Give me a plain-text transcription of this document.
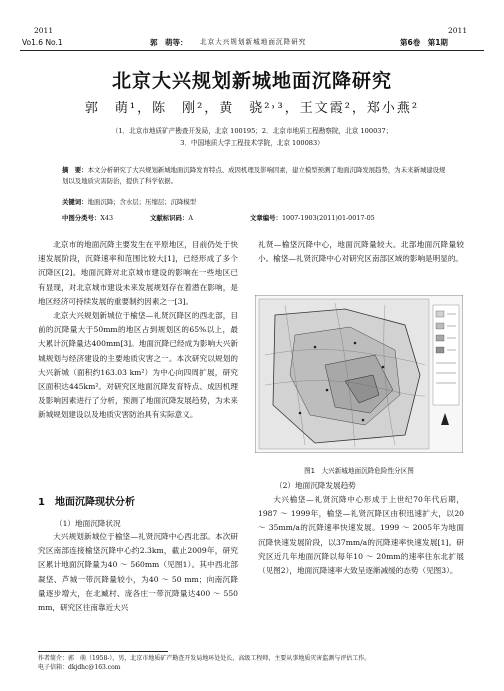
2011
Vo1.6 No.1	郭　萌等： 北京大兴规划新城地面沉降研究
2011
第6卷　第1期
北京大兴规划新城地面沉降研究
郭　萌¹，陈　刚²，黄　骁²˒³，王文霞²，郑小燕²
（1．北京市地质矿产勘查开发局，北京 100195；2．北京市地质工程勘察院，北京 100037；
3．中国地质大学工程技术学院，北京 100083）
摘　要：本文分析研究了大兴规划新城地面沉降发育特点、成因机理及影响因素，建立模型预测了地面沉降发展趋势，为未来新城建设规划以及地质灾害防治，提供了科学依据。
关键词：地面沉降；含水层；压缩层；沉降模型
中图分类号：X43	文献标识码：A	文章编号：1007-1903(2011)01-0017-05

北京市的地面沉降主要发生在平原地区，目前仍处于快速发展阶段，沉降速率和范围比较大[1]，已经形成了多个沉降区[2]。地面沉降对北京城市建设的影响在一些地区已有显现，对北京城市建设未来发展规划存在着潜在影响，是地区经济可持续发展的重要制约因素之一[3]。

北京大兴规划新城位于榆垡—礼贤沉降区的西北部，目前的沉降量大于50mm的地区占到规划区的65%以上，最大累计沉降量达400mm[3]。地面沉降已经成为影响大兴新城规划与经济建设的主要地质灾害之一。本次研究以规划的大兴新城（面积约163.03 km²）为中心向四周扩展，研究区面积达445km²。对研究区地面沉降发育特点、成因机理及影响因素进行了分析，预测了地面沉降发展趋势，为未来新城规划建设以及地质灾害防治具有实际意义。

1　地面沉降现状分析
（1）地面沉降状况

大兴规划新城位于榆垡—礼贤沉降中心西北部。本次研究区南部连接榆垡沉降中心约2.3km，截止2009年，研究区累计地面沉降量为40 ～ 560mm（见图1）。其中西北部凝垡、芦城一带沉降量较小，为40 ～ 50 mm；向南沉降量逐步增大，在北臧村、庞各庄一带沉降量达400 ～ 550 mm，研究区往南靠近大兴

礼贤—榆垡沉降中心，地面沉降量较大。北部地面沉降量较小。榆垡—礼贤沉降中心对研究区南部区域的影响是明显的。

图1　大兴新城地面沉降危险性分区图
（2）地面沉降发展趋势

大兴榆垡—礼贤沉降中心形成于上世纪70年代后期，1987 ～ 1999年，榆垡—礼贤沉降区由积迅速扩大，以20 ～ 35mm/a的沉降速率快速发展。1999 ～ 2005年为地面沉降快速发展阶段，以37mm/a的沉降速率快速发展[1]。研究区近几年地面沉降以每年10 ～ 20mm的速率往东北扩展（见图2），地面沉降速率大致呈逐渐减缓的态势（见图3）。

作者简介：郭　萌（1958-），男，北京市地质矿产勘查开发局地环处处长，高级工程师，主要从事地质灾害监测与评估工作。
电子信箱：dkjdhc@163.com
